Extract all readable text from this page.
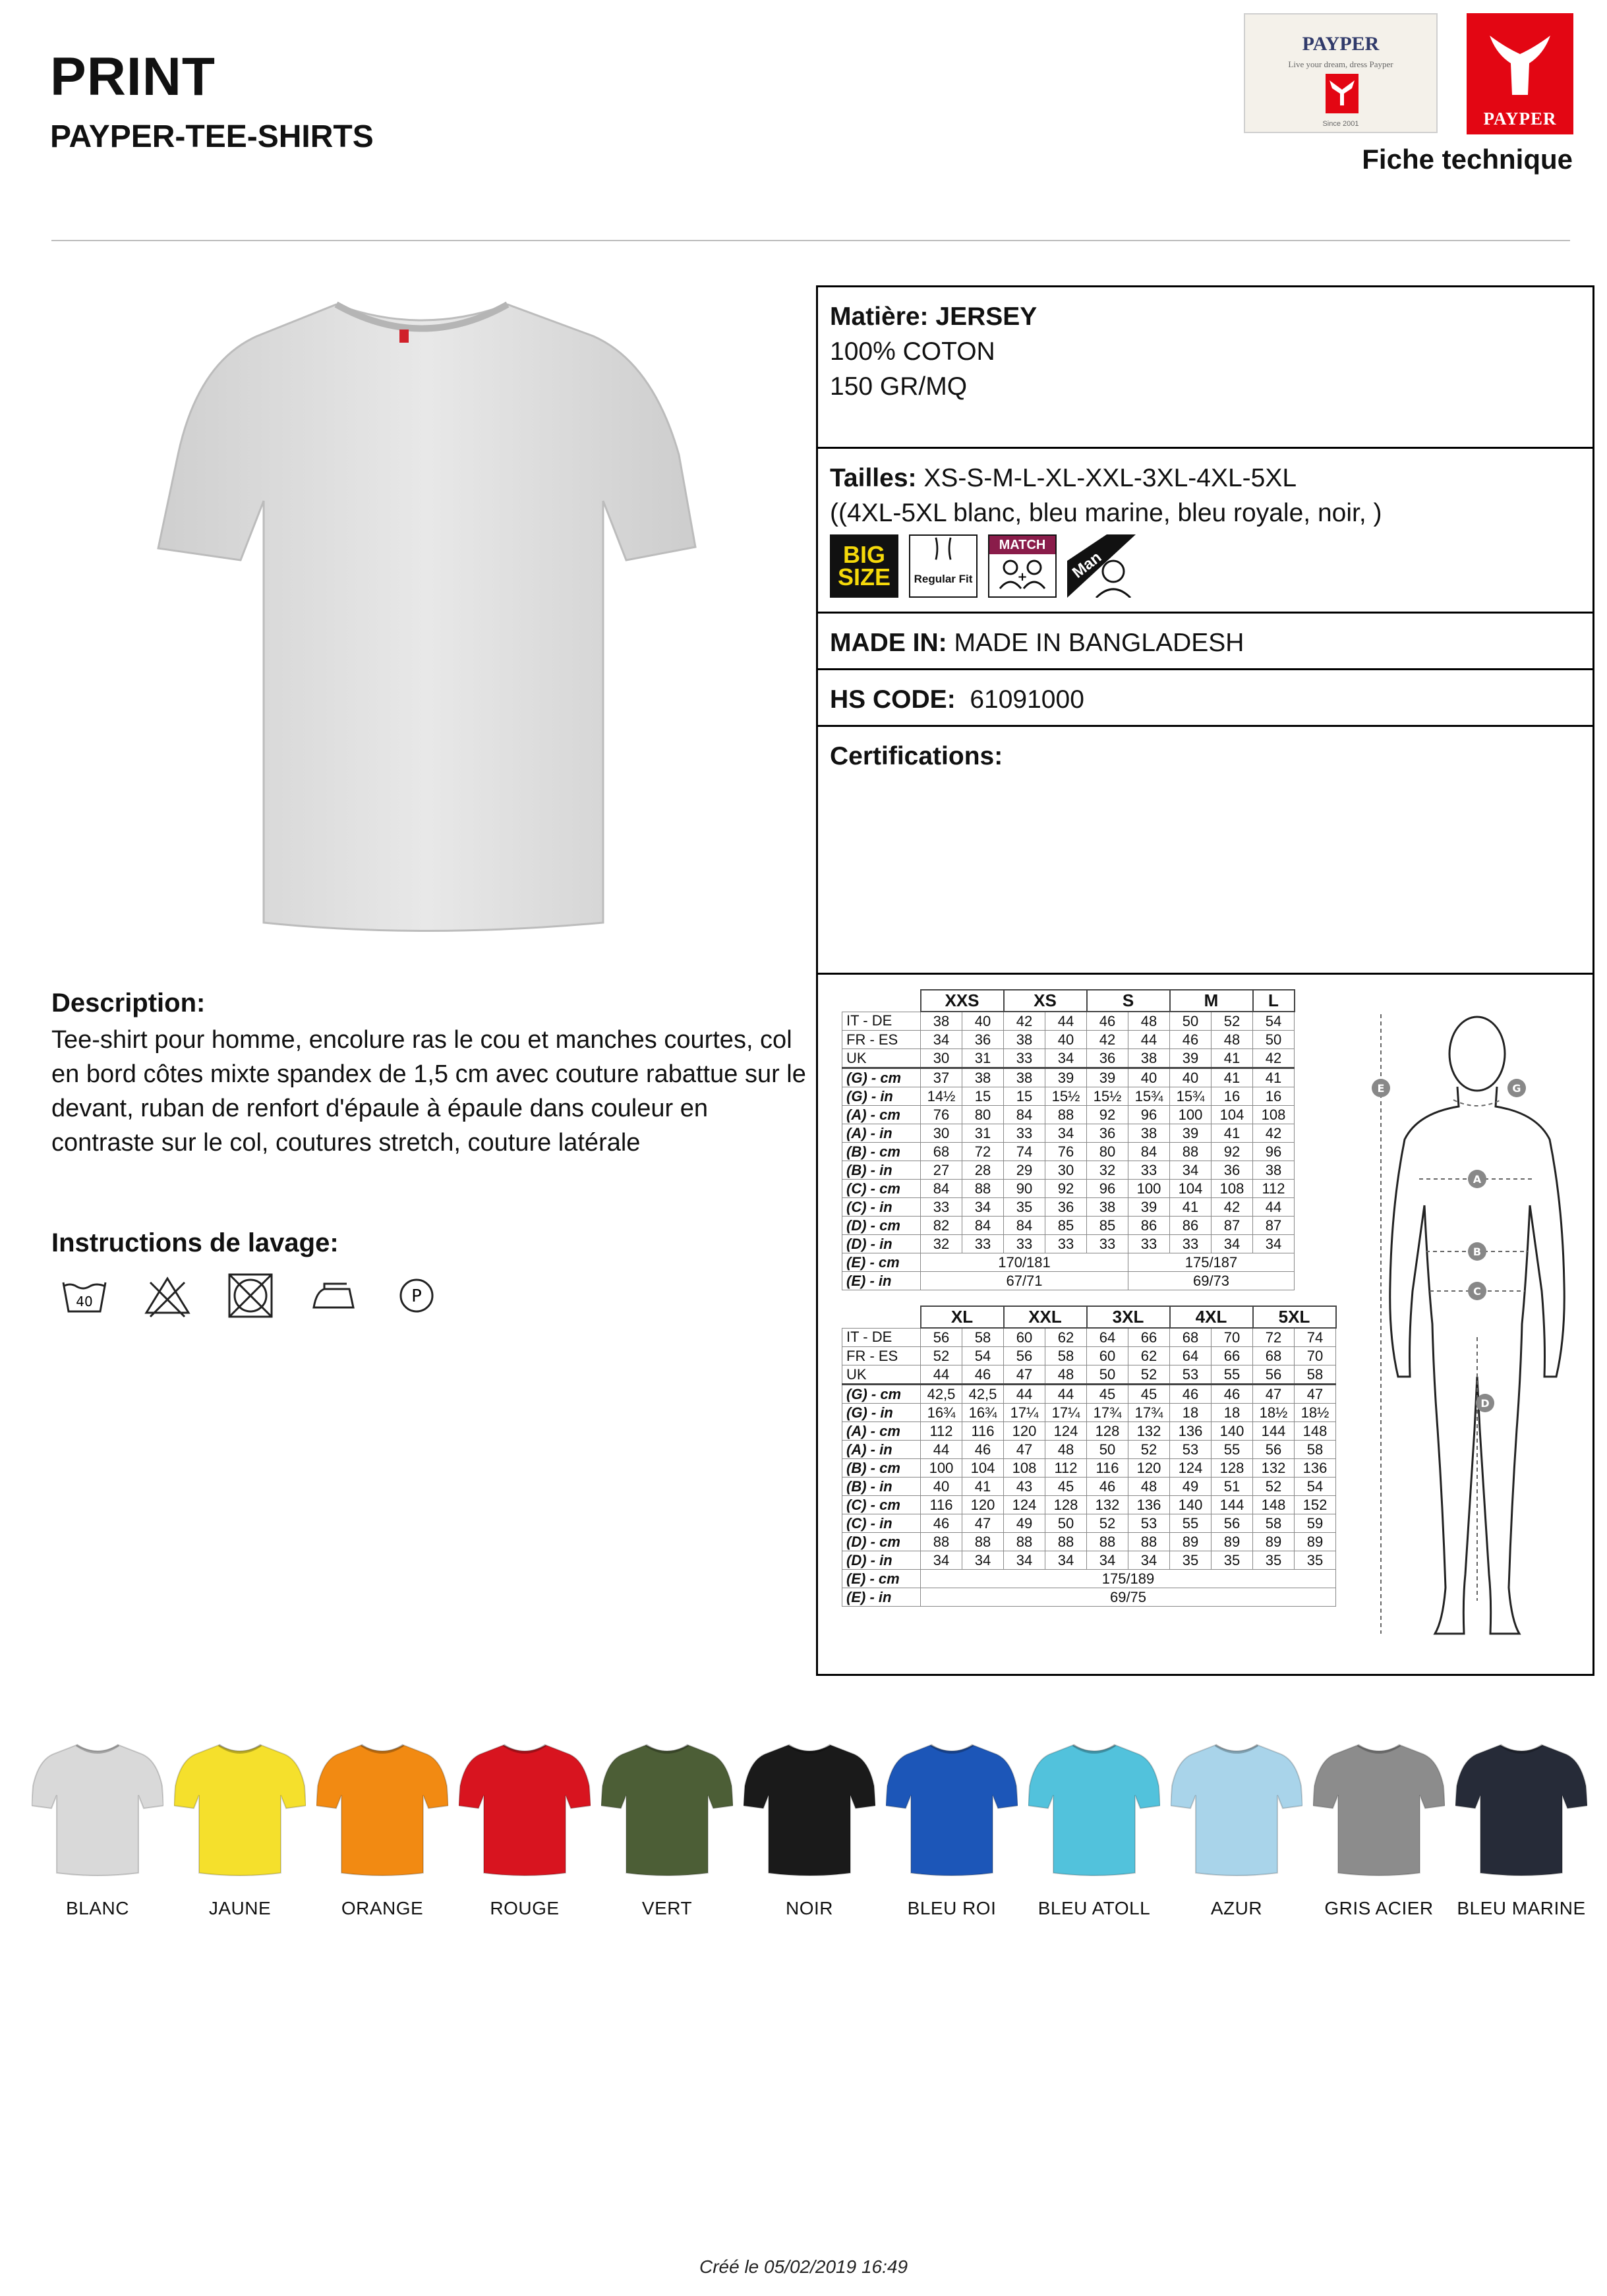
PRINT
PAYPER-TEE-SHIRTS
Fiche technique
PAYPER
Live your dream, dress Payper
Since 2001	PAYPER
Matière: JERSEY
100% COTON
150 GR/MQ
Tailles: XS-S-M-L-XL-XXL-3XL-4XL-5XL
((4XL-5XL blanc, bleu marine, bleu royale, noir, )
BIG
SIZE Regular Fit
MATCH
+	Man
MADE IN: MADE IN BANGLADESH
HS CODE: 61091000
Certifications:
	XXS		XS		S		M		L
IT - DE	38	40	42	44	46	48	50	52	54
FR - ES	34	36	38	40	42	44	46	48	50
UK	30	31	33	34	36	38	39	41	42
(G) - cm	37	38	38	39	39	40	40	41	41
(G) - in	14½	15	15	15½	15½	15¾	15¾	16	16
(A) - cm	76	80	84	88	92	96	100	104	108
(A) - in	30	31	33	34	36	38	39	41	42
(B) - cm	68	72	74	76	80	84	88	92	96
(B) - in	27	28	29	30	32	33	34	36	38
(C) - cm	84	88	90	92	96	100	104	108	112
(C) - in	33	34	35	36	38	39	41	42	44
(D) - cm	82	84	84	85	85	86	86	87	87
(D) - in	32	33	33	33	33	33	33	34	34
(E) - cm	170/181					175/187			
(E) - in	67/71					69/73			
	XL		XXL		3XL		4XL		5XL	
IT - DE	56	58	60	62	64	66	68	70	72	74
FR - ES	52	54	56	58	60	62	64	66	68	70
UK	44	46	47	48	50	52	53	55	56	58
(G) - cm	42,5	42,5	44	44	45	45	46	46	47	47
(G) - in	16¾	16¾	17¼	17¼	17¾	17¾	18	18	18½	18½
(A) - cm	112	116	120	124	128	132	136	140	144	148
(A) - in	44	46	47	48	50	52	53	55	56	58
(B) - cm	100	104	108	112	116	120	124	128	132	136
(B) - in	40	41	43	45	46	48	49	51	52	54
(C) - cm	116	120	124	128	132	136	140	144	148	152
(C) - in	46	47	49	50	52	53	55	56	58	59
(D) - cm	88	88	88	88	88	88	89	89	89	89
(D) - in	34	34	34	34	34	34	35	35	35	35
(E) - cm	175/189									
(E) - in	69/75									
E	G
A
B
C
D
Description:
Tee-shirt pour homme, encolure ras le cou et manches courtes, col en bord côtes mixte spandex de 1,5 cm avec couture rabattue sur le devant, ruban de renfort d'épaule à épaule dans couleur en contraste sur le col, coutures stretch, couture latérale
Instructions de lavage:
40	P
BLANC	JAUNE	ORANGE	ROUGE	VERT	NOIR	BLEU ROI	BLEU ATOLL	AZUR	GRIS ACIER	BLEU MARINE
Créé le 05/02/2019 16:49
